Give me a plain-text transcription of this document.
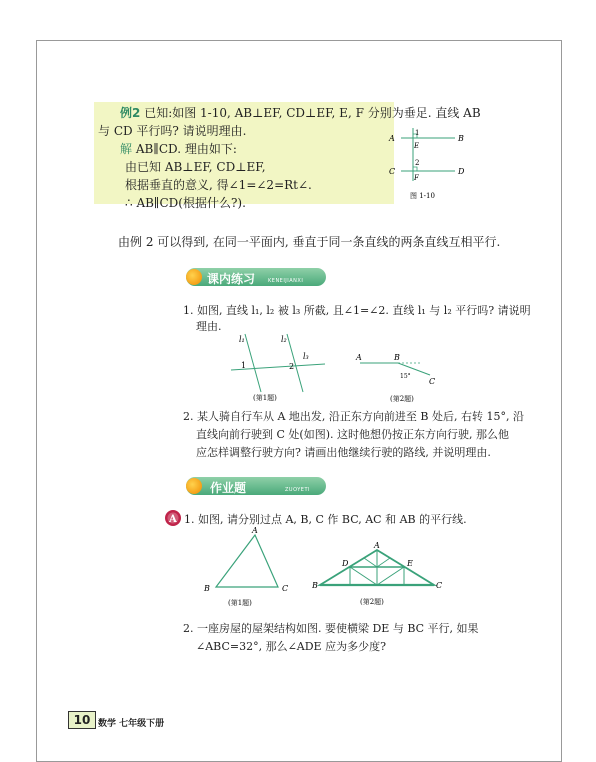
例2 已知:如图 1-10, AB⊥EF, CD⊥EF, E, F 分别为垂足. 直线 AB
与 CD 平行吗? 请说明理由.
解 AB∥CD. 理由如下:
由已知 AB⊥EF, CD⊥EF,
根据垂直的意义, 得∠1=∠2=Rt∠.
∴ AB∥CD(根据什么?).
A	B
C	D
E
F
1
2
图 1-10
由例 2 可以得到, 在同一平面内, 垂直于同一条直线的两条直线互相平行.
课内练习	KENEIJIANXI
1. 如图, 直线 l₁, l₂ 被 l₃ 所截, 且∠1=∠2. 直线 l₁ 与 l₂ 平行吗? 请说明
理由.
l₁	l₂
l₃
1	2
(第1题)
A	B
C
15°
(第2题)
2. 某人骑自行车从 A 地出发, 沿正东方向前进至 B 处后, 右转 15°, 沿
直线向前行驶到 C 处(如图). 这时他想仍按正东方向行驶, 那么他
应怎样调整行驶方向? 请画出他继续行驶的路线, 并说明理由.
作业题	ZUOYETI
A 1. 如图, 请分别过点 A, B, C 作 BC, AC 和 AB 的平行线.
A
B	C
(第1题)
A
B	C
D	E
(第2题)
2. 一座房屋的屋架结构如图. 要使横梁 DE 与 BC 平行, 如果
∠ABC=32°, 那么∠ADE 应为多少度?
10 数学 七年级下册
